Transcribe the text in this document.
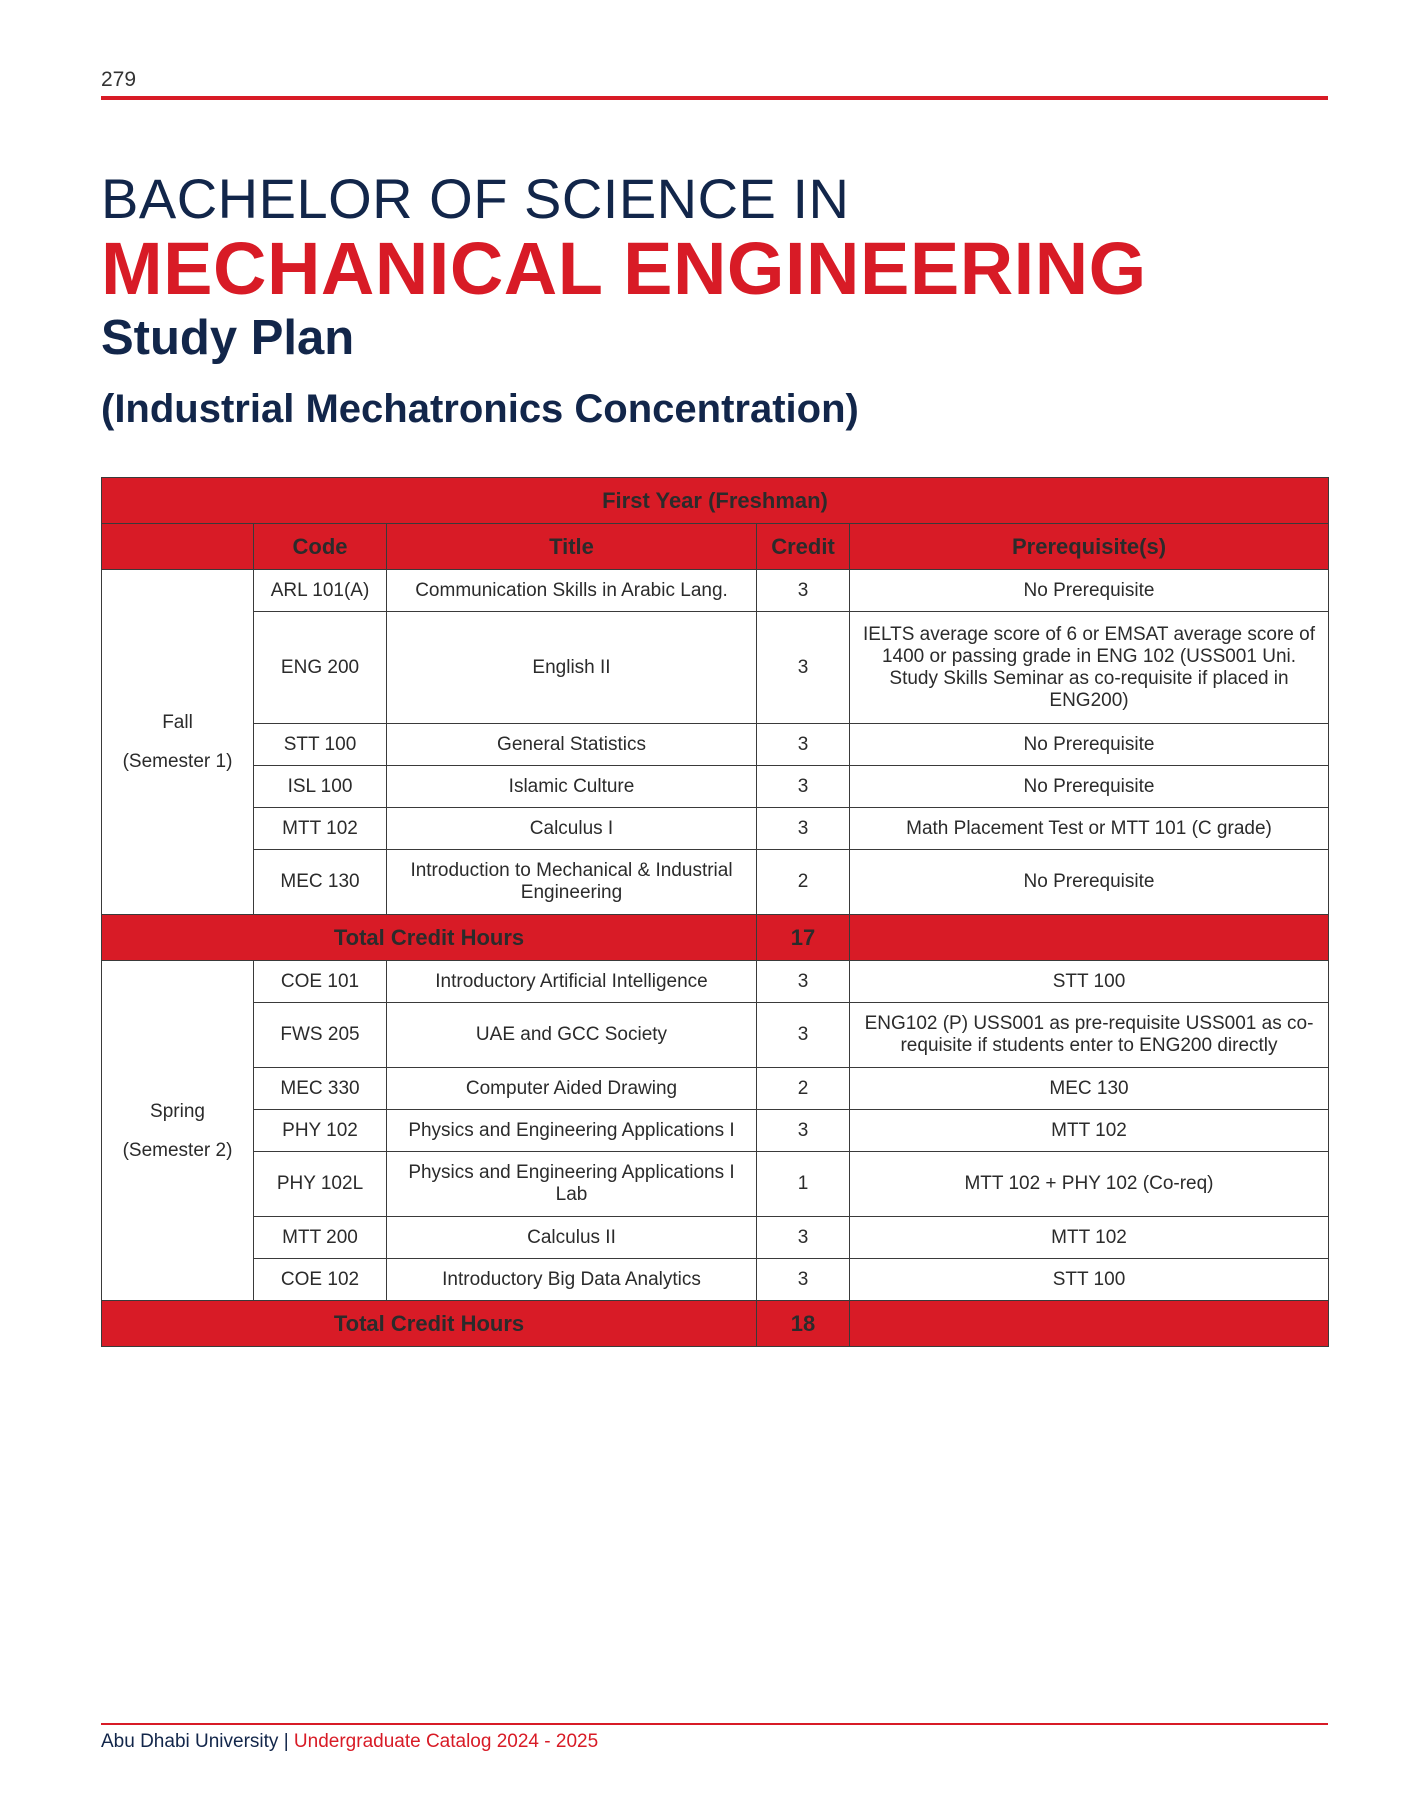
279
BACHELOR OF SCIENCE IN
MECHANICAL ENGINEERING
Study Plan
(Industrial Mechatronics Concentration)
First Year (Freshman)				
	Code	Title	Credit	Prerequisite(s)

Fall
(Semester 1)	ARL 101(A)	Communication Skills in Arabic Lang.	3	No Prerequisite
	ENG 200	English II	3	IELTS average score of 6 or EMSAT average score of 1400 or passing grade in ENG 102 (USS001 Uni. Study Skills Seminar as co-requisite if placed in ENG200)
	STT 100	General Statistics	3	No Prerequisite
	ISL 100	Islamic Culture	3	No Prerequisite
	MTT 102	Calculus I	3	Math Placement Test or MTT 101 (C grade)
	MEC 130	Introduction to Mechanical & Industrial Engineering	2	No Prerequisite
Total Credit Hours			17	

Spring
(Semester 2)	COE 101	Introductory Artificial Intelligence	3	STT 100
	FWS 205	UAE and GCC Society	3	ENG102 (P) USS001 as pre-requisite USS001 as co-requisite if students enter to ENG200 directly
	MEC 330	Computer Aided Drawing	2	MEC 130
	PHY 102	Physics and Engineering Applications I	3	MTT 102
	PHY 102L	Physics and Engineering Applications I Lab	1	MTT 102 + PHY 102 (Co-req)
	MTT 200	Calculus II	3	MTT 102
	COE 102	Introductory Big Data Analytics	3	STT 100
Total Credit Hours			18	
Abu Dhabi University | Undergraduate Catalog 2024 - 2025
